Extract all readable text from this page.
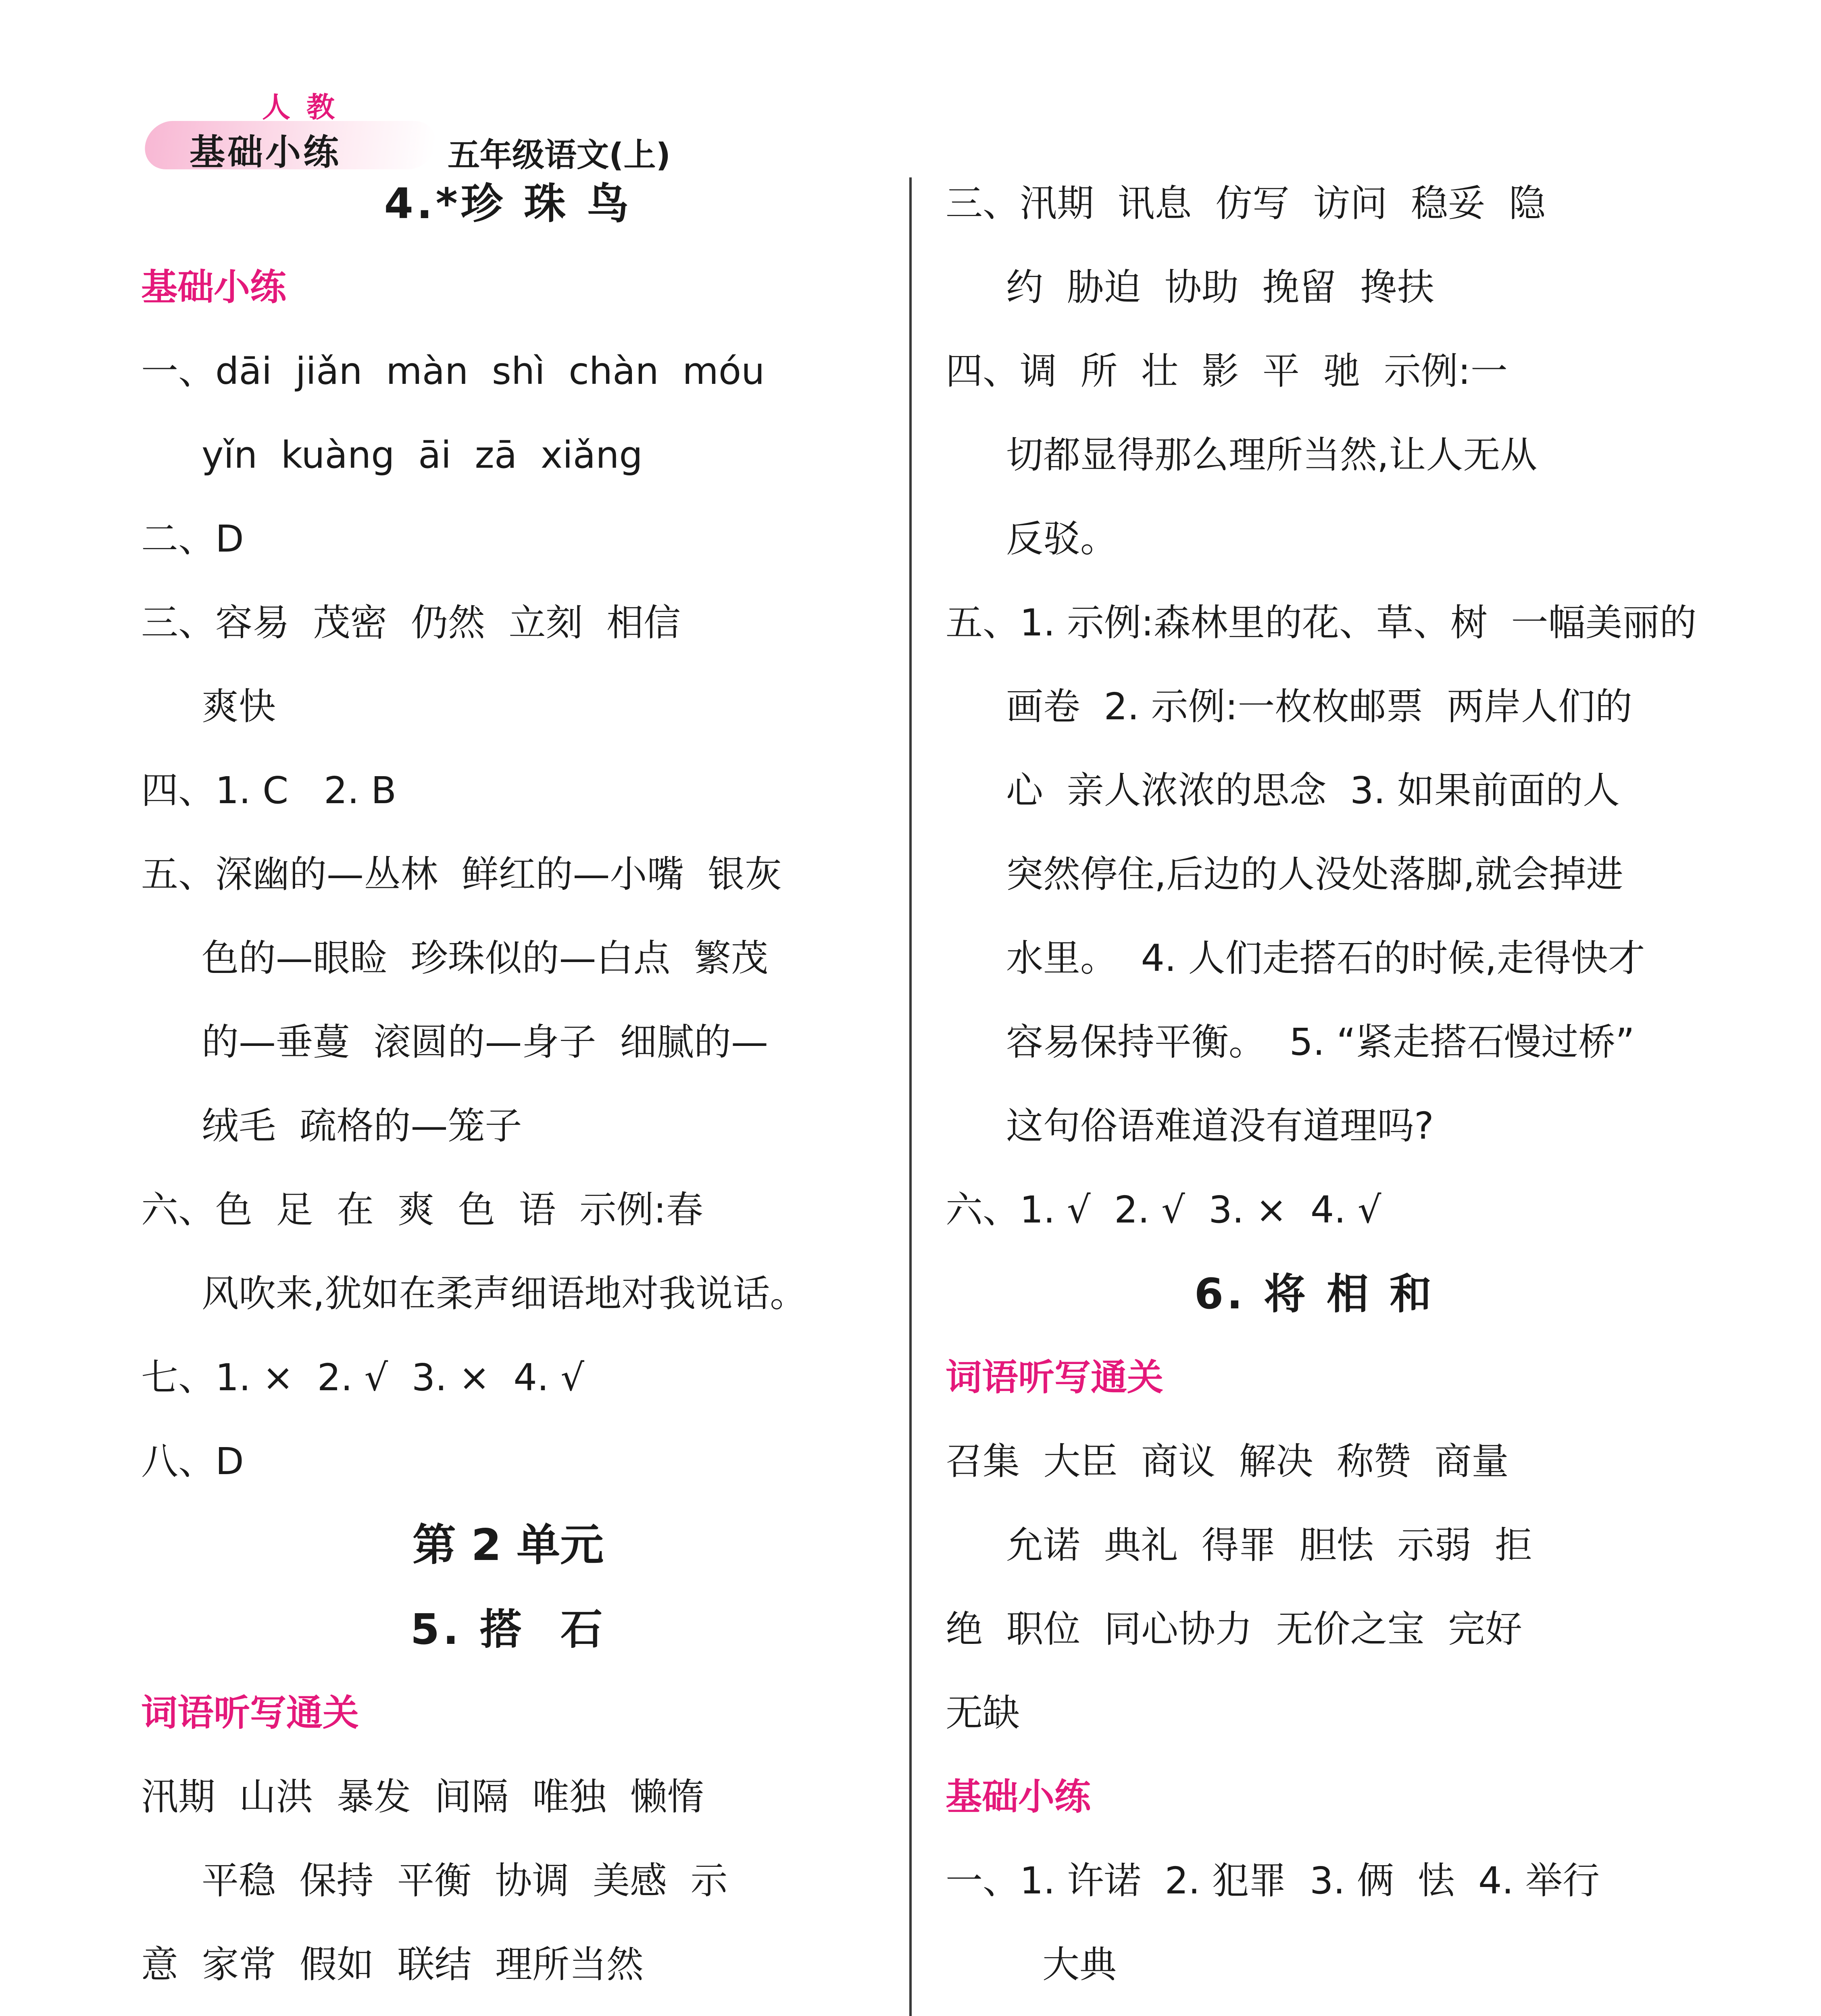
人教
基础小练	五年级语文(上)
4.*珍 珠 鸟
基础小练
一、dāi  jiǎn  màn  shì  chàn  móu
yǐn  kuàng  āi  zā  xiǎng
二、D
三、容易  茂密  仍然  立刻  相信
爽快
四、1. C   2. B
五、深幽的—丛林  鲜红的—小嘴  银灰
色的—眼睑  珍珠似的—白点  繁茂
的—垂蔓  滚圆的—身子  细腻的—
绒毛  疏格的—笼子
六、色  足  在  爽  色  语  示例:春
风吹来,犹如在柔声细语地对我说话。
七、1. ×  2. √  3. ×  4. √
八、D
第 2 单元
5. 搭  石
词语听写通关
汛期  山洪  暴发  间隔  唯独  懒惰
平稳  保持  平衡  协调  美感  示
意  家常  假如  联结  理所当然
三、汛期  讯息  仿写  访问  稳妥  隐
约  胁迫  协助  挽留  搀扶
四、调  所  壮  影  平  驰  示例:一
切都显得那么理所当然,让人无从
反驳。
五、1. 示例:森林里的花、草、树  一幅美丽的
画卷  2. 示例:一枚枚邮票  两岸人们的
心  亲人浓浓的思念  3. 如果前面的人
突然停住,后边的人没处落脚,就会掉进
水里。  4. 人们走搭石的时候,走得快才
容易保持平衡。  5. “紧走搭石慢过桥”
这句俗语难道没有道理吗?
六、1. √  2. √  3. ×  4. √
6. 将 相 和
词语听写通关
召集  大臣  商议  解决  称赞  商量
允诺  典礼  得罪  胆怯  示弱  拒
绝  职位  同心协力  无价之宝  完好
无缺
基础小练
一、1. 许诺  2. 犯罪  3. 俩  怯  4. 举行
大典
